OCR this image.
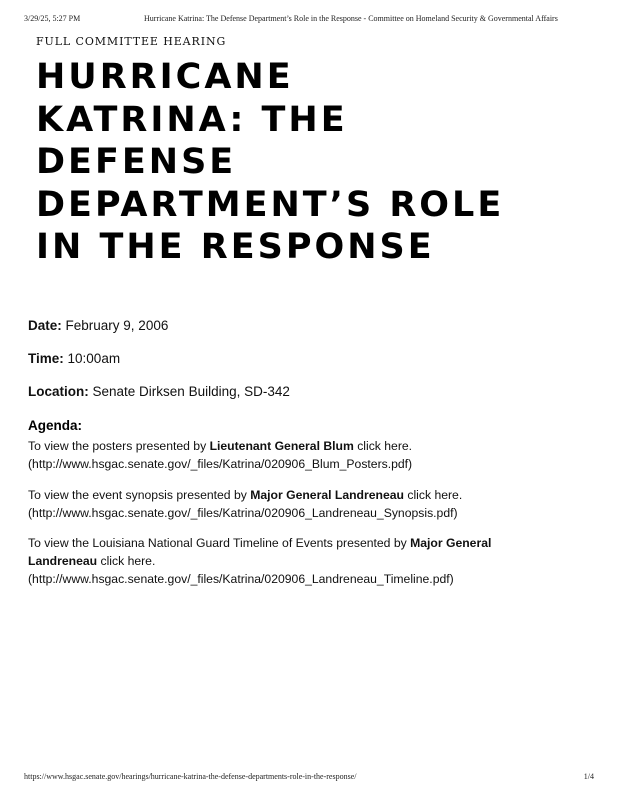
3/29/25, 5:27 PM	Hurricane Katrina: The Defense Department’s Role in the Response - Committee on Homeland Security & Governmental Affairs
FULL COMMITTEE HEARING
HURRICANE
KATRINA: THE
DEFENSE
DEPARTMENT’S ROLE
IN THE RESPONSE
Date: February 9, 2006
Time: 10:00am
Location: Senate Dirksen Building, SD-342
Agenda:
To view the posters presented by Lieutenant General Blum click here.
(http://www.hsgac.senate.gov/_files/Katrina/020906_Blum_Posters.pdf)
To view the event synopsis presented by Major General Landreneau click here.
(http://www.hsgac.senate.gov/_files/Katrina/020906_Landreneau_Synopsis.pdf)
To view the Louisiana National Guard Timeline of Events presented by Major General Landreneau click here.
(http://www.hsgac.senate.gov/_files/Katrina/020906_Landreneau_Timeline.pdf)
https://www.hsgac.senate.gov/hearings/hurricane-katrina-the-defense-departments-role-in-the-response/	1/4
